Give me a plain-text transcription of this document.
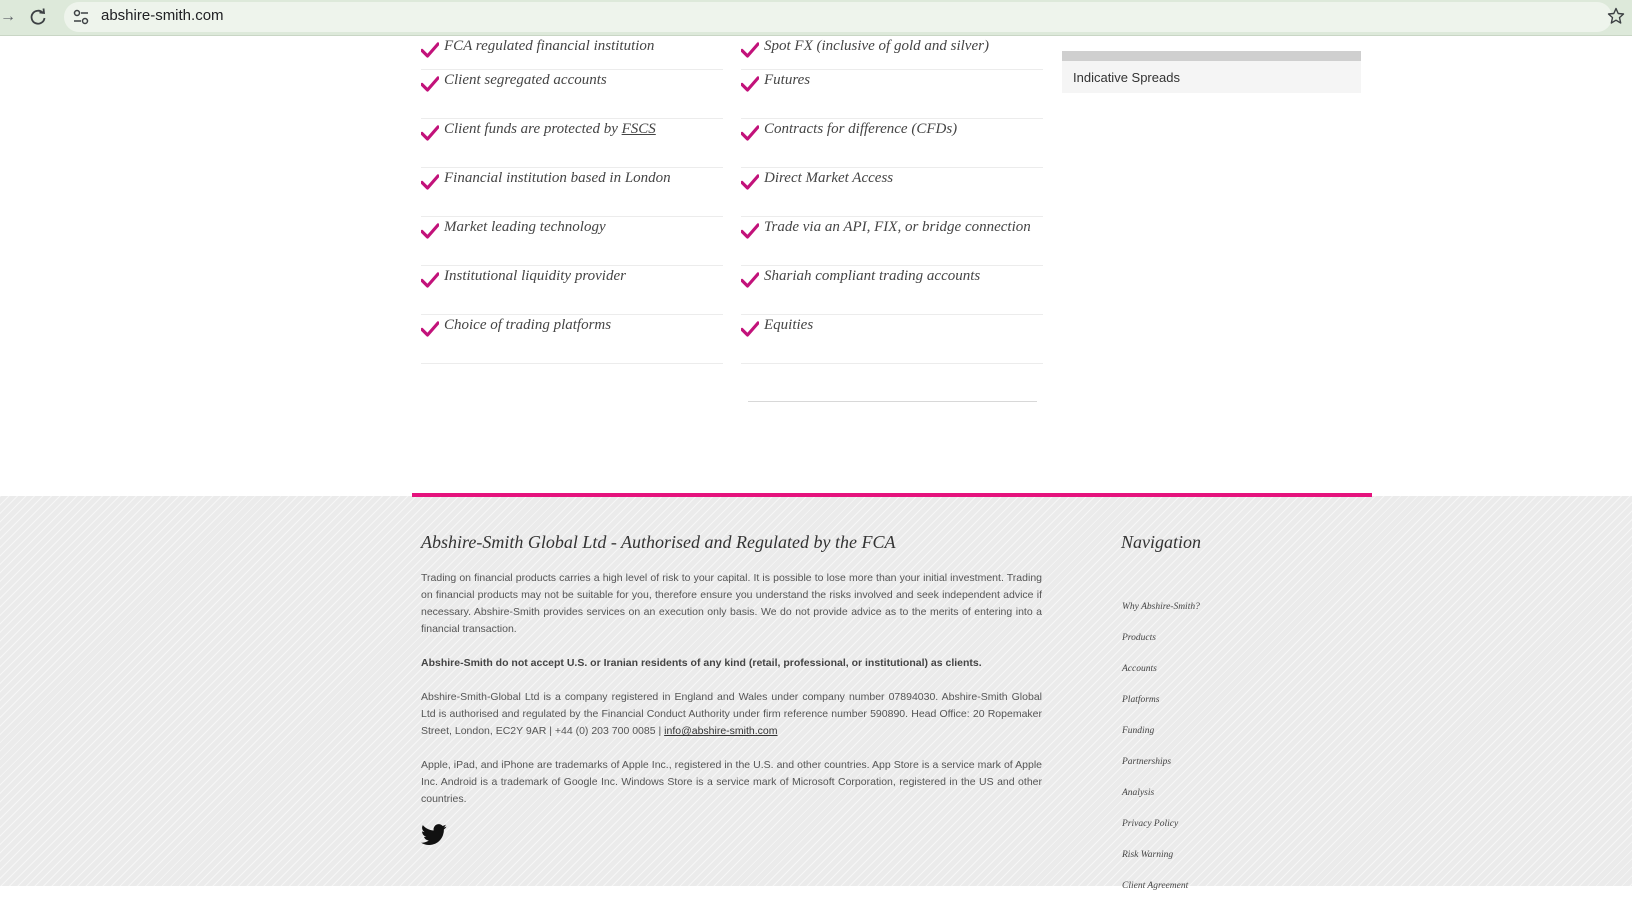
→	abshire-smith.com
FCA regulated financial institution
Client segregated accounts
Client funds are protected by FSCS
Financial institution based in London
Market leading technology
Institutional liquidity provider
Choice of trading platforms
Spot FX (inclusive of gold and silver)
Futures
Contracts for difference (CFDs)
Direct Market Access
Trade via an API, FIX, or bridge connection
Shariah compliant trading accounts
Equities
Indicative Spreads
Abshire-Smith Global Ltd - Authorised and Regulated by the FCA
Trading on financial products carries a high level of risk to your capital. It is possible to lose more than your initial investment. Trading on financial products may not be suitable for you, therefore ensure you understand the risks involved and seek independent advice if necessary. Abshire-Smith provides services on an execution only basis. We do not provide advice as to the merits of entering into a financial transaction.
Abshire-Smith do not accept U.S. or Iranian residents of any kind (retail, professional, or institutional) as clients.
Abshire-Smith-Global Ltd is a company registered in England and Wales under company number 07894030. Abshire-Smith Global Ltd is authorised and regulated by the Financial Conduct Authority under firm reference number 590890. Head Office: 20 Ropemaker Street, London, EC2Y 9AR | +44 (0) 203 700 0085 | info@abshire-smith.com
Apple, iPad, and iPhone are trademarks of Apple Inc., registered in the U.S. and other countries. App Store is a service mark of Apple Inc. Android is a trademark of Google Inc. Windows Store is a service mark of Microsoft Corporation, registered in the US and other countries.
Navigation
Why Abshire-Smith?
Products
Accounts
Platforms
Funding
Partnerships
Analysis
Privacy Policy
Risk Warning
Client Agreement
